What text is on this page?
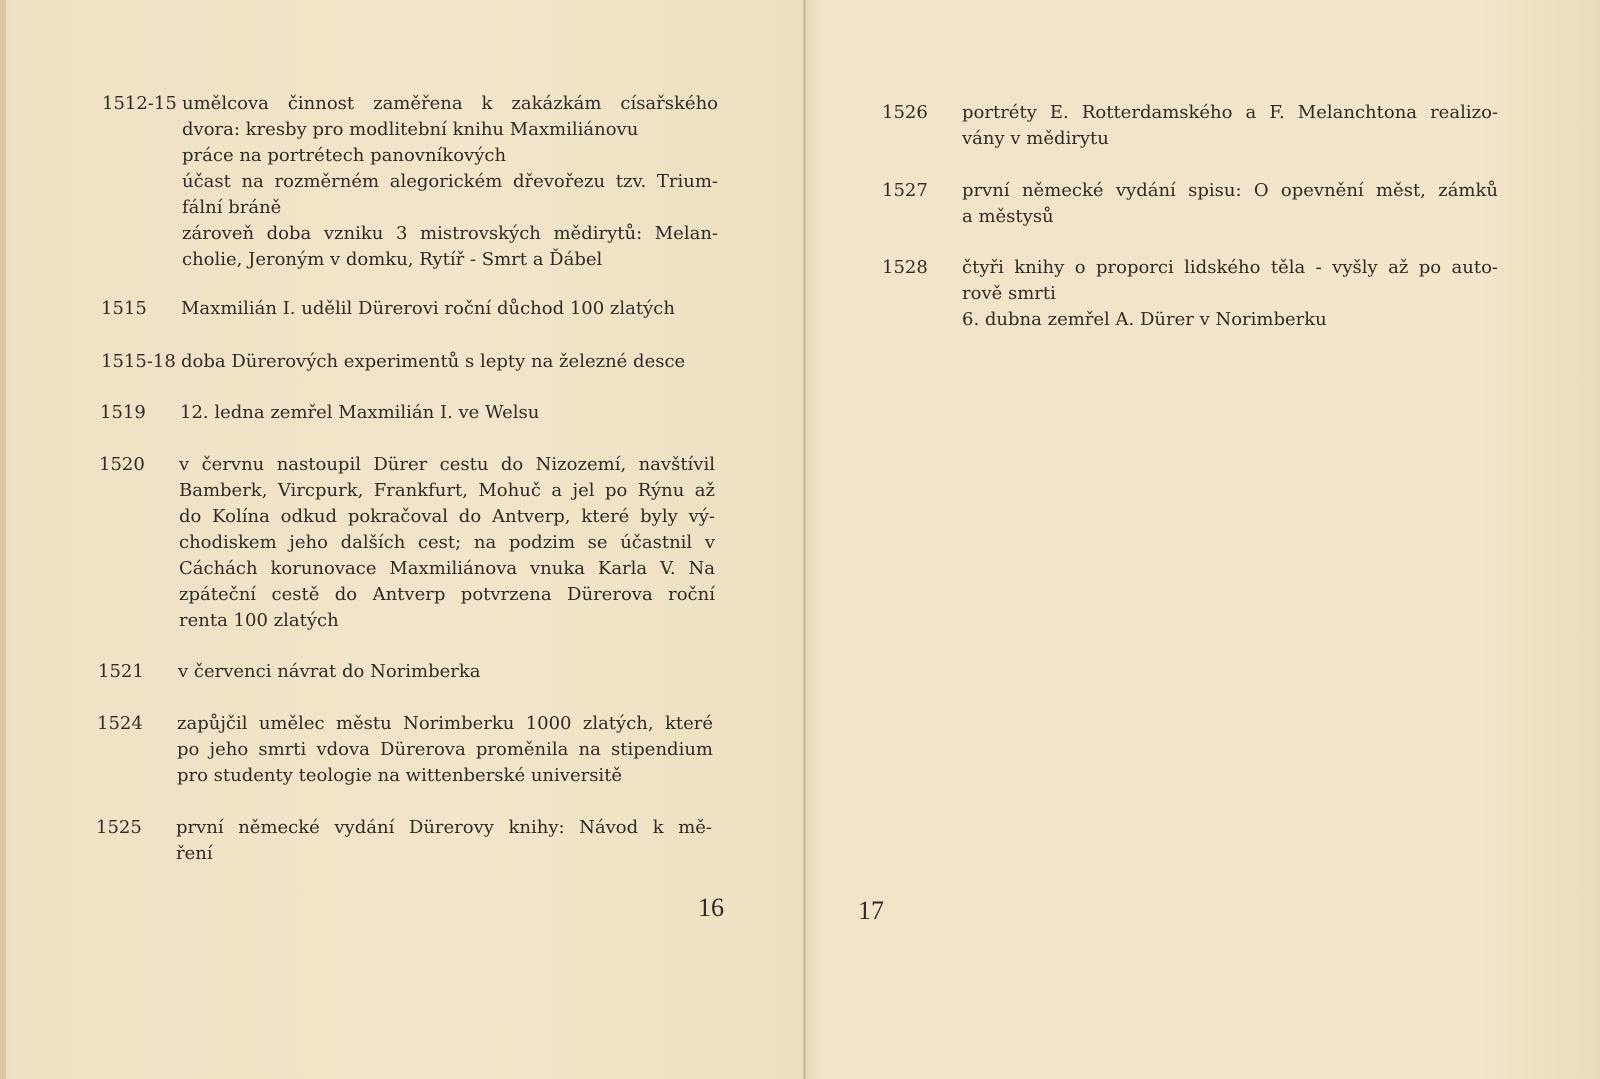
1512-15 umělcova činnost zaměřena k zakázkám císařského
dvora: kresby pro modlitební knihu Maxmiliánovu
práce na portrétech panovníkových
účast na rozměrném alegorickém dřevořezu tzv. Trium-
fální bráně
zároveň doba vzniku 3 mistrovských mědirytů: Melan-
cholie, Jeroným v domku, Rytíř - Smrt a Ďábel
1515 Maxmilián I. udělil Dürerovi roční důchod 100 zlatých
1515-18 doba Dürerových experimentů s lepty na železné desce
1519 12. ledna zemřel Maxmilián I. ve Welsu
1520 v červnu nastoupil Dürer cestu do Nizozemí, navštívil
Bamberk, Vircpurk, Frankfurt, Mohuč a jel po Rýnu až
do Kolína odkud pokračoval do Antverp, které byly vý-
chodiskem jeho dalších cest; na podzim se účastnil v
Cáchách korunovace Maxmiliánova vnuka Karla V. Na
zpáteční cestě do Antverp potvrzena Dürerova roční
renta 100 zlatých
1521 v červenci návrat do Norimberka
1524 zapůjčil umělec městu Norimberku 1000 zlatých, které
po jeho smrti vdova Dürerova proměnila na stipendium
pro studenty teologie na wittenberské universitě
1525 první německé vydání Dürerovy knihy: Návod k mě-
ření
16
1526 portréty E. Rotterdamského a F. Melanchtona realizo-
vány v mědirytu
1527 první německé vydání spisu: O opevnění měst, zámků
a městysů
1528 čtyři knihy o proporci lidského těla - vyšly až po auto-
rově smrti
6. dubna zemřel A. Dürer v Norimberku
17
